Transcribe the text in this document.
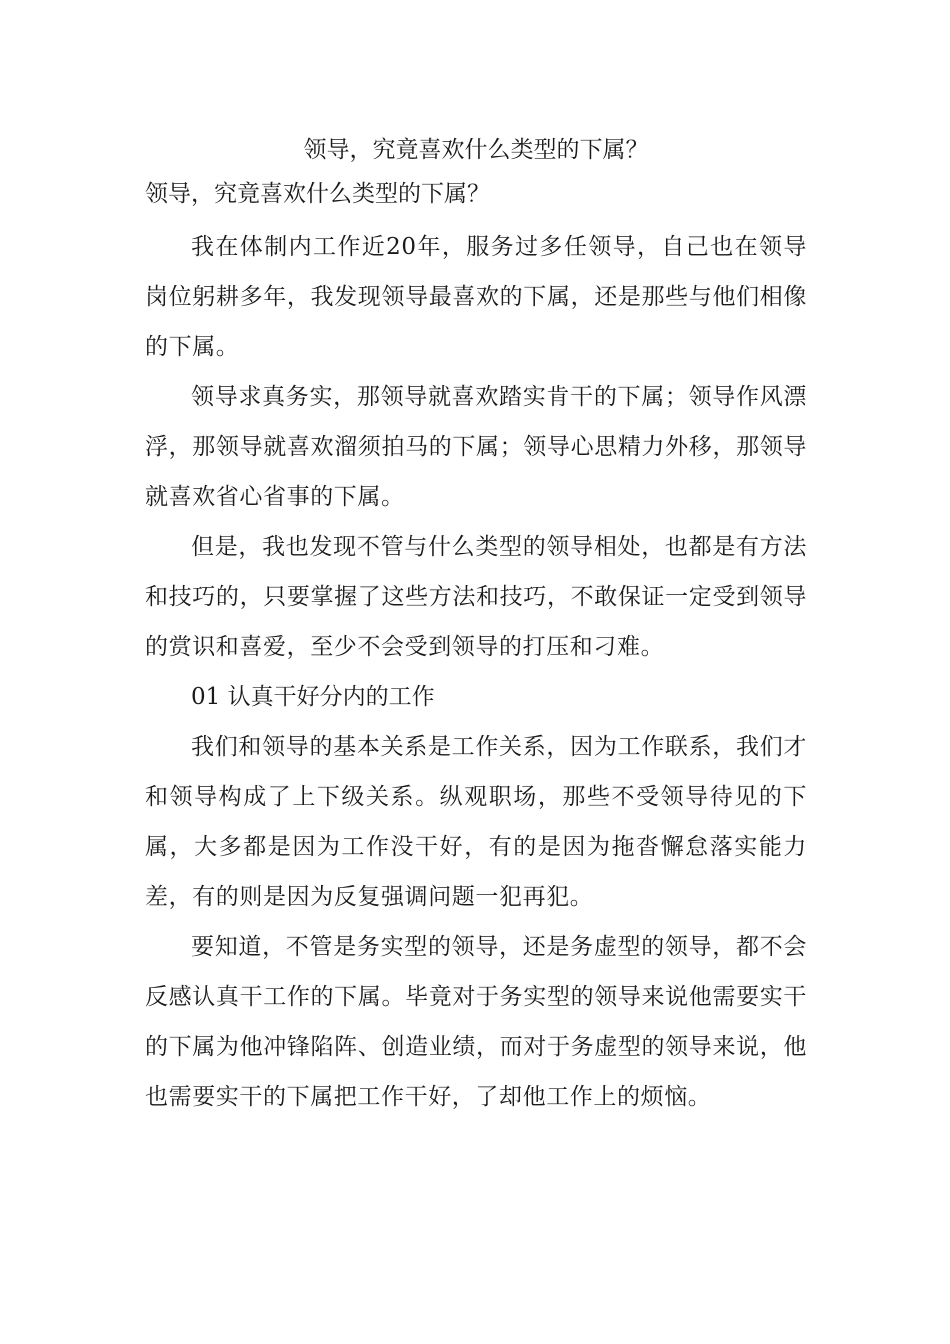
领导，究竟喜欢什么类型的下属？
领导，究竟喜欢什么类型的下属？

我在体制内工作近20年，服务过多任领导，自己也在领导岗位躬耕多年，我发现领导最喜欢的下属，还是那些与他们相像的下属。

领导求真务实，那领导就喜欢踏实肯干的下属；领导作风漂浮，那领导就喜欢溜须拍马的下属；领导心思精力外移，那领导就喜欢省心省事的下属。

但是，我也发现不管与什么类型的领导相处，也都是有方法和技巧的，只要掌握了这些方法和技巧，不敢保证一定受到领导的赏识和喜爱，至少不会受到领导的打压和刁难。

01 认真干好分内的工作

我们和领导的基本关系是工作关系，因为工作联系，我们才和领导构成了上下级关系。纵观职场，那些不受领导待见的下属，大多都是因为工作没干好，有的是因为拖沓懈怠落实能力差，有的则是因为反复强调问题一犯再犯。

要知道，不管是务实型的领导，还是务虚型的领导，都不会反感认真干工作的下属。毕竟对于务实型的领导来说他需要实干的下属为他冲锋陷阵、创造业绩，而对于务虚型的领导来说，他也需要实干的下属把工作干好，了却他工作上的烦恼。
